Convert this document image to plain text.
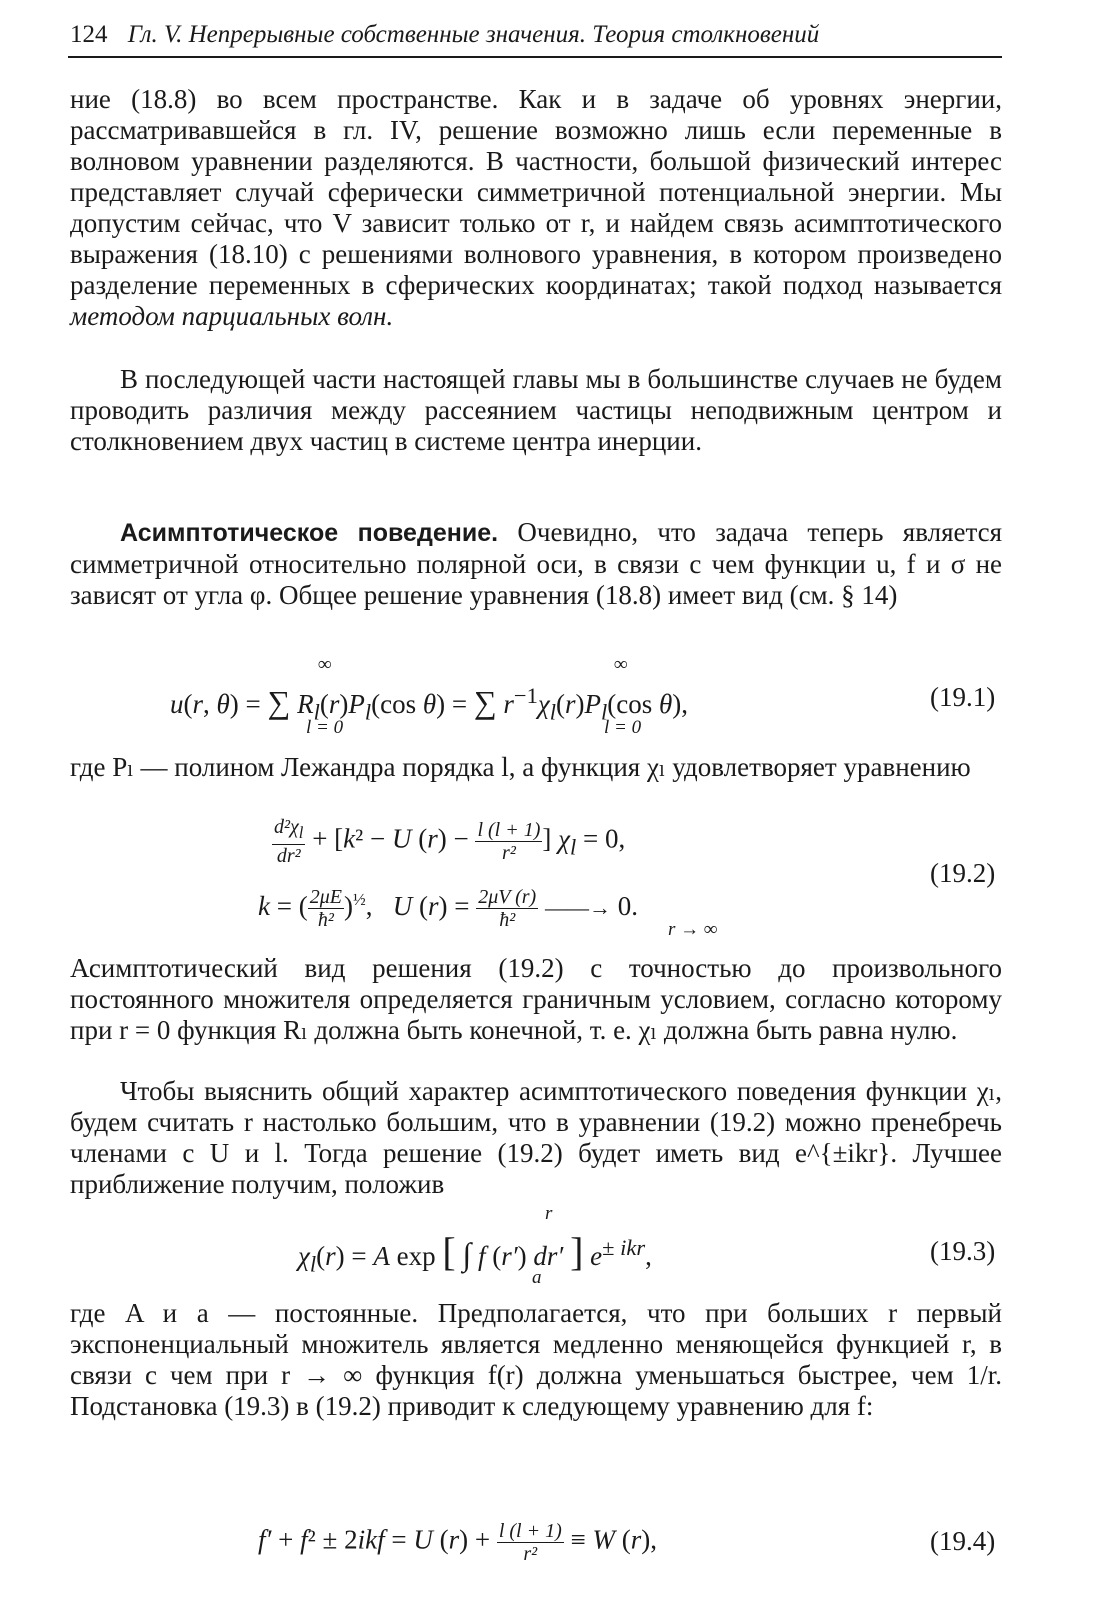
124 Гл. V. Непрерывные собственные значения. Теория столкновений
ние (18.8) во всем пространстве. Как и в задаче об уровнях энергии, рассматривавшейся в гл. IV, решение возможно лишь если переменные в волновом уравнении разделяются. В частности, большой физический интерес представляет случай сферически симметричной потенциальной энергии. Мы допустим сейчас, что V зависит только от r, и найдем связь асимптотического выражения (18.10) с решениями волнового уравнения, в котором произведено разделение переменных в сферических координатах; такой подход называется методом парциальных волн.
В последующей части настоящей главы мы в большинстве случаев не будем проводить различия между рассеянием частицы неподвижным центром и столкновением двух частиц в системе центра инерции.
Асимптотическое поведение. Очевидно, что задача теперь является симметричной относительно полярной оси, в связи с чем функции u, f и σ не зависят от угла φ. Общее решение уравнения (18.8) имеет вид (см. § 14)
u(r, θ) = ∑ $R_l(r)P_l(\cos$ θ) = ∑ $r^{-1}\chi_l(r)P_l(\cos$ θ),
∞
l = 0
∞
l = 0
(19.1)
где Pₗ — полином Лежандра порядка l, а функция χₗ удовлетворяет уравнению
$\frac{d^2\chi_l}{\text{dr²}} + [k^2 - U$ $(r) - \frac{l (l + 1)}{\text{r²}}$ ] $\chi_l = 0$,
k = ( $\frac{2\mu E}{\text{ħ²}} )^{\frac{1}{2}}$,   U $(r) = \frac{2\mu V (r)}{\text{ħ²}}$ ——→ 0.
r → ∞
(19.2)
Асимптотический вид решения (19.2) с точностью до произвольного постоянного множителя определяется граничным условием, согласно которому при r = 0 функция Rₗ должна быть конечной, т. е. χₗ должна быть равна нулю.
Чтобы выяснить общий характер асимптотического поведения функции χₗ, будем считать r настолько большим, что в уравнении (19.2) можно пренебречь членами с U и l. Тогда решение (19.2) будет иметь вид e^{±ikr}. Лучшее приближение получим, положив
$\chi_l(r) = A$ exp [ ∫ f (r′) dr′ ] $e^{\pm ikr}$,
r
a
(19.3)
где A и a — постоянные. Предполагается, что при больших r первый экспоненциальный множитель является медленно меняющейся функцией r, в связи с чем при r → ∞ функция f(r) должна уменьшаться быстрее, чем 1/r. Подстановка (19.3) в (19.2) приводит к следующему уравнению для f:
f′ + f² ± 2ikf = U $(r) + \frac{l (l + 1)}{\text{r²}} \equiv W$ (r),	(19.4)
